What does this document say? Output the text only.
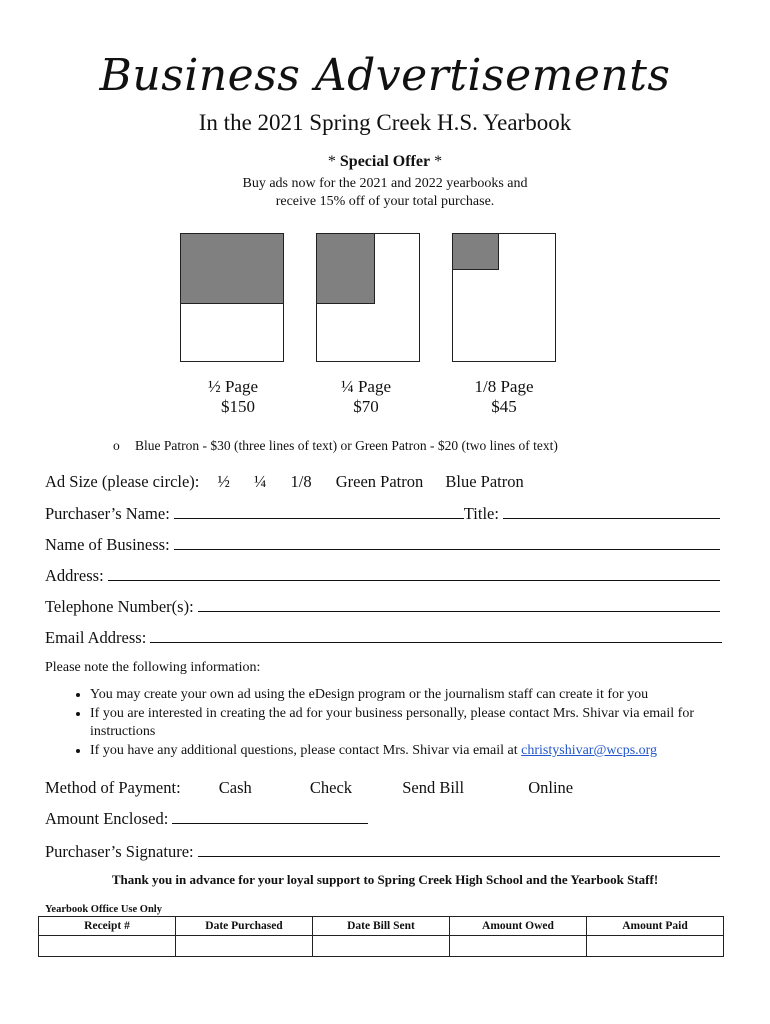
Business Advertisements
In the 2021 Spring Creek H.S. Yearbook
* Special Offer *
Buy ads now for the 2021 and 2022 yearbooks and
receive 15% off of your total purchase.
½ Page
$150
¼ Page
$70
1/8 Page
$45
o Blue Patron - $30 (three lines of text) or Green Patron - $20 (two lines of text)
Ad Size (please circle): ½ ¼ 1/8 Green Patron Blue Patron
Purchaser’s Name:	Title:
Name of Business:
Address:
Telephone Number(s):
Email Address:
Please note the following information:
• You may create your own ad using the eDesign program or the journalism staff can create it for you
• If you are interested in creating the ad for your business personally, please contact Mrs. Shivar via email for instructions
• If you have any additional questions, please contact Mrs. Shivar via email at christyshivar@wcps.org
Method of Payment: Cash	Check	Send Bill	Online
Amount Enclosed:
Purchaser’s Signature:
Thank you in advance for your loyal support to Spring Creek High School and the Yearbook Staff!
Yearbook Office Use Only
Receipt #	Date Purchased	Date Bill Sent	Amount Owed	Amount Paid
